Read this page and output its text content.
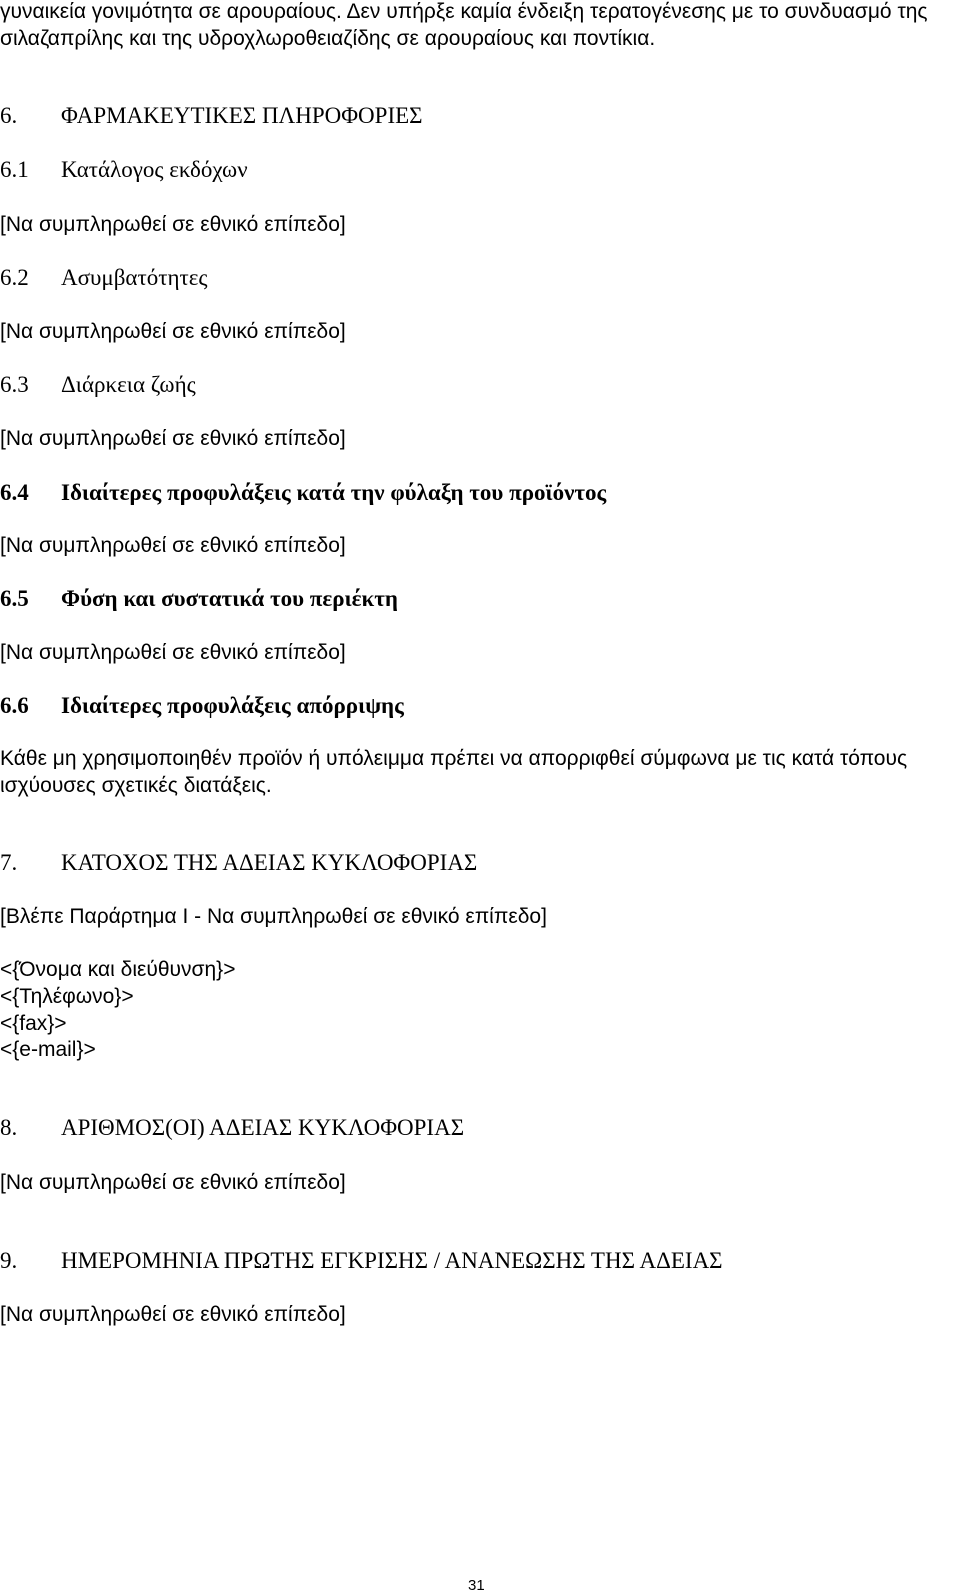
γυναικεία γονιμότητα σε αρουραίους. Δεν υπήρξε καμία ένδειξη τερατογένεσης με το συνδυασμό της
σιλαζαπρίλης και της υδροχλωροθειαζίδης σε αρουραίους και ποντίκια.
6. ΦΑΡΜΑΚΕΥΤΙΚΕΣ ΠΛΗΡΟΦΟΡΙΕΣ
6.1 Κατάλογος εκδόχων
[Να συμπληρωθεί σε εθνικό επίπεδο]
6.2 Ασυμβατότητες
[Να συμπληρωθεί σε εθνικό επίπεδο]
6.3 Διάρκεια ζωής
[Να συμπληρωθεί σε εθνικό επίπεδο]
6.4 Ιδιαίτερες προφυλάξεις κατά την φύλαξη του προϊόντος
[Να συμπληρωθεί σε εθνικό επίπεδο]
6.5 Φύση και συστατικά του περιέκτη
[Να συμπληρωθεί σε εθνικό επίπεδο]
6.6 Ιδιαίτερες προφυλάξεις απόρριψης
Κάθε μη χρησιμοποιηθέν προϊόν ή υπόλειμμα πρέπει να απορριφθεί σύμφωνα με τις κατά τόπους
ισχύουσες σχετικές διατάξεις.
7. ΚΑΤΟΧΟΣ ΤΗΣ ΑΔΕΙΑΣ ΚΥΚΛΟΦΟΡΙΑΣ
[Βλέπε Παράρτημα Ι - Να συμπληρωθεί σε εθνικό επίπεδο]
<{Όνομα και διεύθυνση}>
<{Τηλέφωνο}>
<{fax}>
<{e-mail}>
8. ΑΡΙΘΜΟΣ(ΟΙ) ΑΔΕΙΑΣ ΚΥΚΛΟΦΟΡΙΑΣ
[Να συμπληρωθεί σε εθνικό επίπεδο]
9. ΗΜΕΡΟΜΗΝΙΑ ΠΡΩΤΗΣ ΕΓΚΡΙΣΗΣ / ΑΝΑΝΕΩΣΗΣ ΤΗΣ ΑΔΕΙΑΣ
[Να συμπληρωθεί σε εθνικό επίπεδο]
31
